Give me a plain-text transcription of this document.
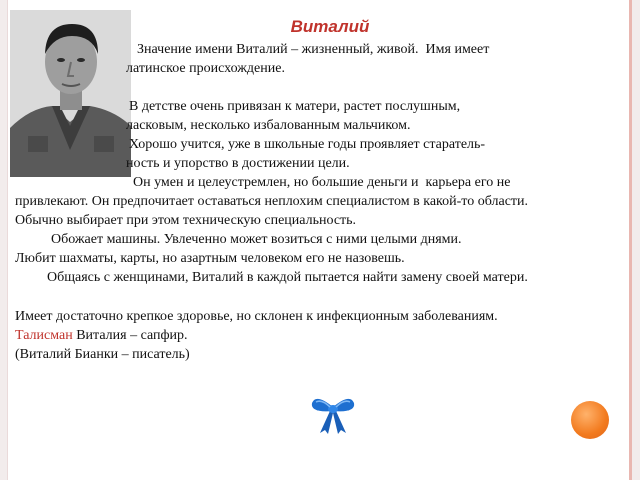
Виталий
Значение имени Виталий – жизненный, живой.  Имя имеет
латинское происхождение.
В детстве очень привязан к матери, растет послушным,
ласковым, несколько избалованным мальчиком.
Хорошо учится, уже в школьные годы проявляет старатель-
ность и упорство в достижении цели.
Он умен и целеустремлен, но большие деньги и  карьера его не
привлекают. Он предпочитает оставаться неплохим специалистом в какой-то области.
Обычно выбирает при этом техническую специальность.
Обожает машины. Увлеченно может возиться с ними целыми днями.
Любит шахматы, карты, но азартным человеком его не назовешь.
Общаясь с женщинами, Виталий в каждой пытается найти замену своей матери.
Имеет достаточно крепкое здоровье, но склонен к инфекционным заболеваниям.
Талисман Виталия – сапфир.
(Виталий Бианки – писатель)
